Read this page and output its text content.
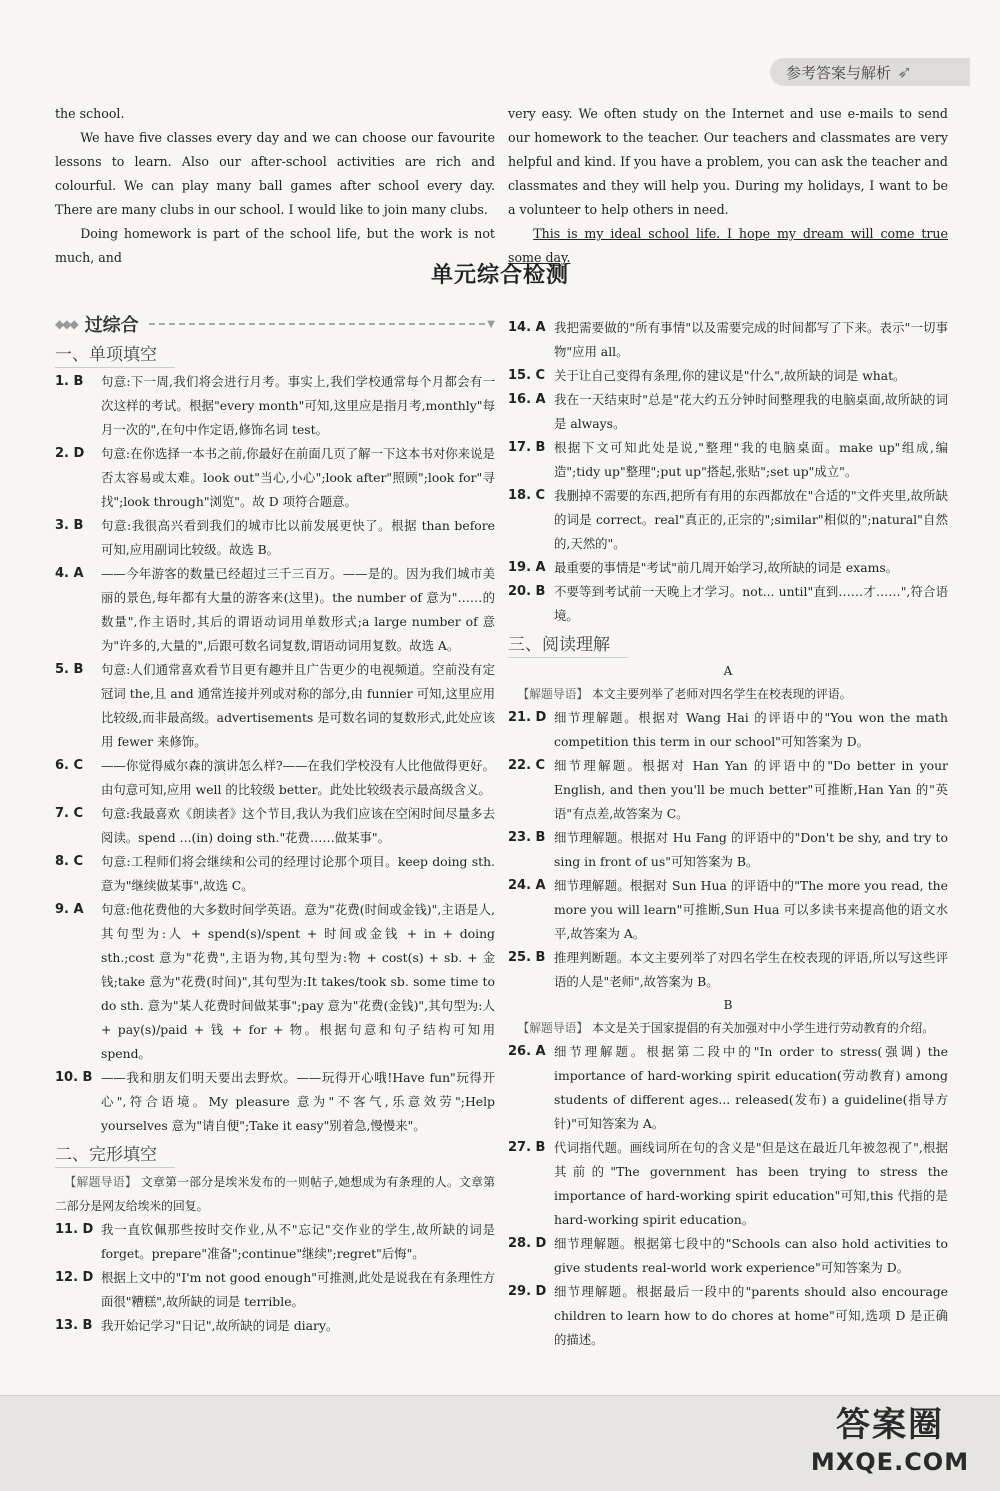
参考答案与解析 ➶

the school.

We have five classes every day and we can choose our favourite lessons to learn. Also our after-school activities are rich and colourful. We can play many ball games after school every day. There are many clubs in our school. I would like to join many clubs.

Doing homework is part of the school life, but the work is not much, and

very easy. We often study on the Internet and use e-mails to send our homework to the teacher. Our teachers and classmates are very helpful and kind. If you have a problem, you can ask the teacher and classmates and they will help you. During my holidays, I want to be a volunteer to help others in need.

This is my ideal school life. I hope my dream will come true some day.

单元综合检测
◆◆◆ 过综合	▼
一、单项填空
1. B	句意:下一周,我们将会进行月考。事实上,我们学校通常每个月都会有一次这样的考试。根据"every month"可知,这里应是指月考,monthly"每月一次的",在句中作定语,修饰名词 test。
2. D	句意:在你选择一本书之前,你最好在前面几页了解一下这本书对你来说是否太容易或太难。look out"当心,小心";look after"照顾";look for"寻找";look through"浏览"。故 D 项符合题意。
3. B	句意:我很高兴看到我们的城市比以前发展更快了。根据 than before 可知,应用副词比较级。故选 B。
4. A	——今年游客的数量已经超过三千三百万。——是的。因为我们城市美丽的景色,每年都有大量的游客来(这里)。the number of 意为"……的数量",作主语时,其后的谓语动词用单数形式;a large number of 意为"许多的,大量的",后跟可数名词复数,谓语动词用复数。故选 A。
5. B	句意:人们通常喜欢看节目更有趣并且广告更少的电视频道。空前没有定冠词 the,且 and 通常连接并列或对称的部分,由 funnier 可知,这里应用比较级,而非最高级。advertisements 是可数名词的复数形式,此处应该用 fewer 来修饰。
6. C	——你觉得威尔森的演讲怎么样?——在我们学校没有人比他做得更好。由句意可知,应用 well 的比较级 better。此处比较级表示最高级含义。
7. C	句意:我最喜欢《朗读者》这个节目,我认为我们应该在空闲时间尽量多去阅读。spend ...(in) doing sth."花费……做某事"。
8. C	句意:工程师们将会继续和公司的经理讨论那个项目。keep doing sth. 意为"继续做某事",故选 C。
9. A	句意:他花费他的大多数时间学英语。意为"花费(时间或金钱)",主语是人,其句型为:人 + spend(s)/spent + 时间或金钱 + in + doing sth.;cost 意为"花费",主语为物,其句型为:物 + cost(s) + sb. + 金钱;take 意为"花费(时间)",其句型为:It takes/took sb. some time to do sth. 意为"某人花费时间做某事";pay 意为"花费(金钱)",其句型为:人 + pay(s)/paid + 钱 + for + 物。根据句意和句子结构可知用 spend。
10. B ——我和朋友们明天要出去野炊。——玩得开心哦!Have fun"玩得开心",符合语境。My pleasure 意为"不客气,乐意效劳";Help yourselves 意为"请自便";Take it easy"别着急,慢慢来"。
二、完形填空
【解题导语】 文章第一部分是埃米发布的一则帖子,她想成为有条理的人。文章第二部分是网友给埃米的回复。
11. D 我一直钦佩那些按时交作业,从不"忘记"交作业的学生,故所缺的词是 forget。prepare"准备";continue"继续";regret"后悔"。
12. D 根据上文中的"I'm not good enough"可推测,此处是说我在有条理性方面很"糟糕",故所缺的词是 terrible。
13. B 我开始记学习"日记",故所缺的词是 diary。
14. A 我把需要做的"所有事情"以及需要完成的时间都写了下来。表示"一切事物"应用 all。
15. C 关于让自己变得有条理,你的建议是"什么",故所缺的词是 what。
16. A 我在一天结束时"总是"花大约五分钟时间整理我的电脑桌面,故所缺的词是 always。
17. B 根据下文可知此处是说,"整理"我的电脑桌面。make up"组成,编造";tidy up"整理";put up"搭起,张贴";set up"成立"。
18. C 我删掉不需要的东西,把所有有用的东西都放在"合适的"文件夹里,故所缺的词是 correct。real"真正的,正宗的";similar"相似的";natural"自然的,天然的"。
19. A 最重要的事情是"考试"前几周开始学习,故所缺的词是 exams。
20. B 不要等到考试前一天晚上才学习。not... until"直到……才……",符合语境。
三、阅读理解
A
【解题导语】 本文主要列举了老师对四名学生在校表现的评语。
21. D 细节理解题。根据对 Wang Hai 的评语中的"You won the math competition this term in our school"可知答案为 D。
22. C 细节理解题。根据对 Han Yan 的评语中的"Do better in your English, and then you'll be much better"可推断,Han Yan 的"英语"有点差,故答案为 C。
23. B 细节理解题。根据对 Hu Fang 的评语中的"Don't be shy, and try to sing in front of us"可知答案为 B。
24. A 细节理解题。根据对 Sun Hua 的评语中的"The more you read, the more you will learn"可推断,Sun Hua 可以多读书来提高他的语文水平,故答案为 A。
25. B 推理判断题。本文主要列举了对四名学生在校表现的评语,所以写这些评语的人是"老师",故答案为 B。
B
【解题导语】 本文是关于国家提倡的有关加强对中小学生进行劳动教育的介绍。
26. A 细节理解题。根据第二段中的"In order to stress(强调) the importance of hard-working spirit education(劳动教育) among students of different ages... released(发布) a guideline(指导方针)"可知答案为 A。
27. B 代词指代题。画线词所在句的含义是"但是这在最近几年被忽视了",根据其前的"The government has been trying to stress the importance of hard-working spirit education"可知,this 代指的是 hard-working spirit education。
28. D 细节理解题。根据第七段中的"Schools can also hold activities to give students real-world work experience"可知答案为 D。
29. D 细节理解题。根据最后一段中的"parents should also encourage children to learn how to do chores at home"可知,选项 D 是正确的描述。
答案圈
MXQE.COM
